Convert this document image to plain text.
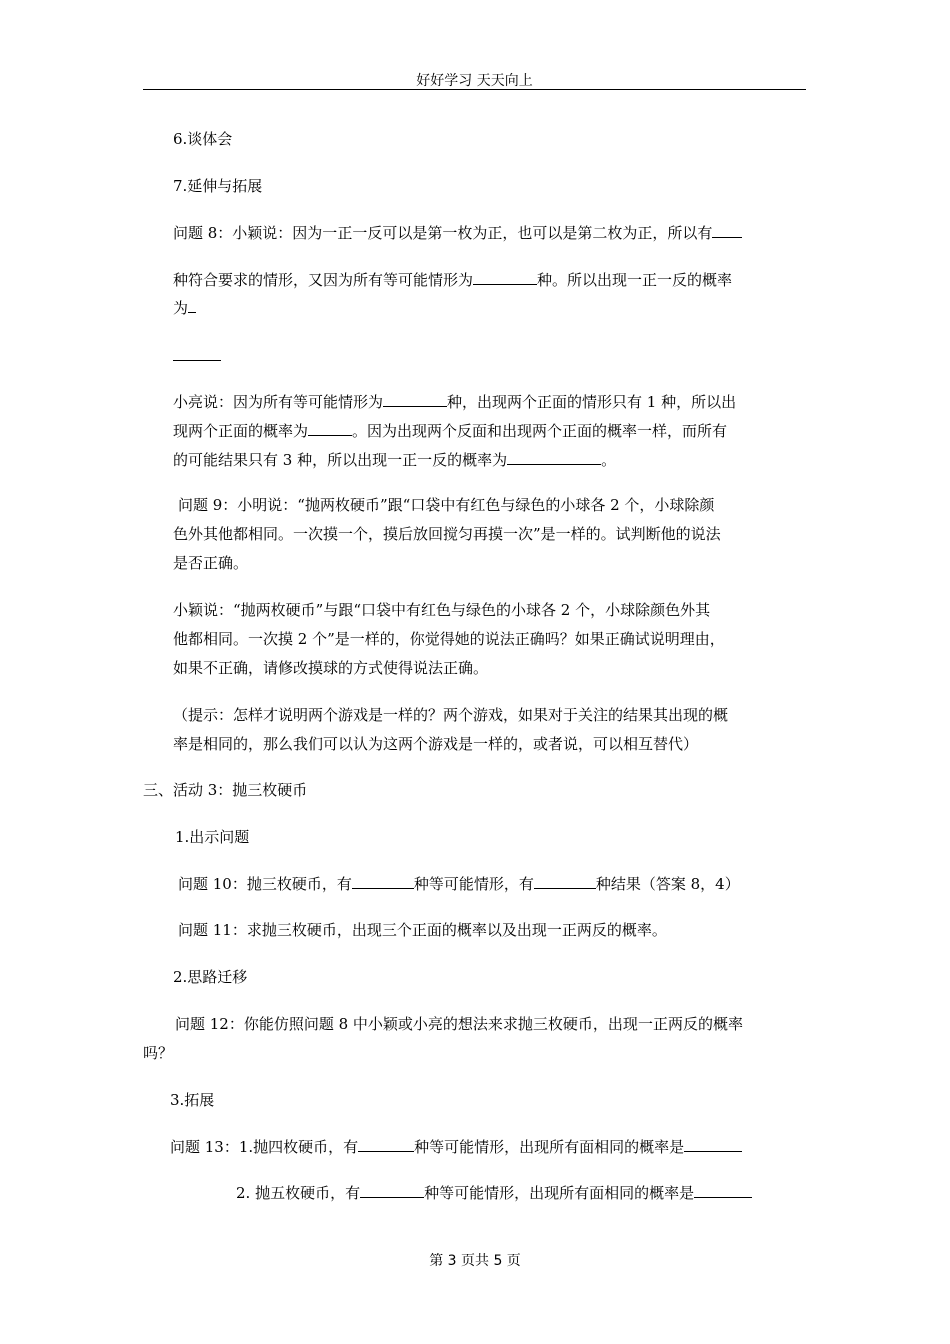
好好学习 天天向上
6.谈体会
7.延伸与拓展
问题 8：小颖说：因为一正一反可以是第一枚为正，也可以是第二枚为正，所以有
种符合要求的情形，又因为所有等可能情形为	种。所以出现一正一反的概率
为
小亮说：因为所有等可能情形为	种，出现两个正面的情形只有 1 种，所以出
现两个正面的概率为	。因为出现两个反面和出现两个正面的概率一样，而所有
的可能结果只有 3 种，所以出现一正一反的概率为	。
问题 9：小明说：“抛两枚硬币”跟“口袋中有红色与绿色的小球各 2 个，小球除颜
色外其他都相同。一次摸一个，摸后放回搅匀再摸一次”是一样的。试判断他的说法
是否正确。
小颖说：“抛两枚硬币”与跟“口袋中有红色与绿色的小球各 2 个，小球除颜色外其
他都相同。一次摸 2 个”是一样的，你觉得她的说法正确吗？如果正确试说明理由，
如果不正确，请修改摸球的方式使得说法正确。
（提示：怎样才说明两个游戏是一样的？两个游戏，如果对于关注的结果其出现的概
率是相同的，那么我们可以认为这两个游戏是一样的，或者说，可以相互替代）
三、活动 3：抛三枚硬币
1.出示问题
问题 10：抛三枚硬币，有	种等可能情形，有	种结果（答案 8，4）
问题 11：求抛三枚硬币，出现三个正面的概率以及出现一正两反的概率。
2.思路迁移
问题 12：你能仿照问题 8 中小颖或小亮的想法来求抛三枚硬币，出现一正两反的概率
吗？
3.拓展
问题 13：1.抛四枚硬币，有	种等可能情形，出现所有面相同的概率是
2. 抛五枚硬币，有	种等可能情形，出现所有面相同的概率是
第 3 页共 5 页
